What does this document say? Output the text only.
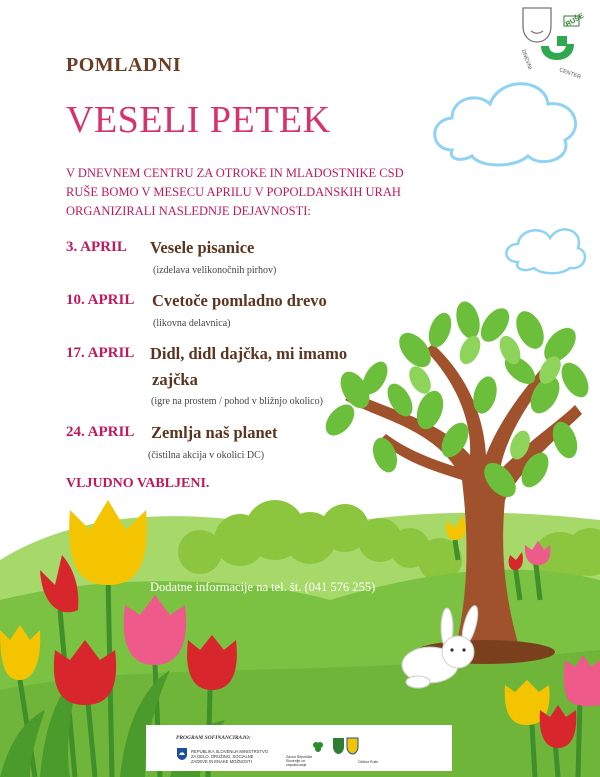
RUŠE
DNEVNI
CENTER
POMLADNI
VESELI PETEK
V DNEVNEM CENTRU ZA OTROKE IN MLADOSTNIKE CSD RUŠE BOMO V MESECU APRILU V POPOLDANSKIH URAH ORGANIZIRALI NASLEDNJE DEJAVNOSTI:
3. APRIL Vesele pisanice
(izdelava velikonočnih pirhov)
10. APRIL Cvetoče pomladno drevo
(likovna delavnica)
17. APRIL Didl, didl dajčka, mi imamo
zajčka
(igre na prostem / pohod v bližnjo okolico)
24. APRIL Zemlja naš planet
(čistilna akcija v okolici DC)
VLJUDNO VABLJENI.
Dodatne informacije na tel. št. (041 576 255)
PROGRAM SOFINANCIRAJO:
REPUBLIKA SLOVENIJA MINISTRSTVO ZA DELO, DRUŽINO, SOCIALNE ZADEVE IN ENAKE MOŽNOSTI
Zavod Republike Slovenije za zaposlovanje
Občina Ruše
